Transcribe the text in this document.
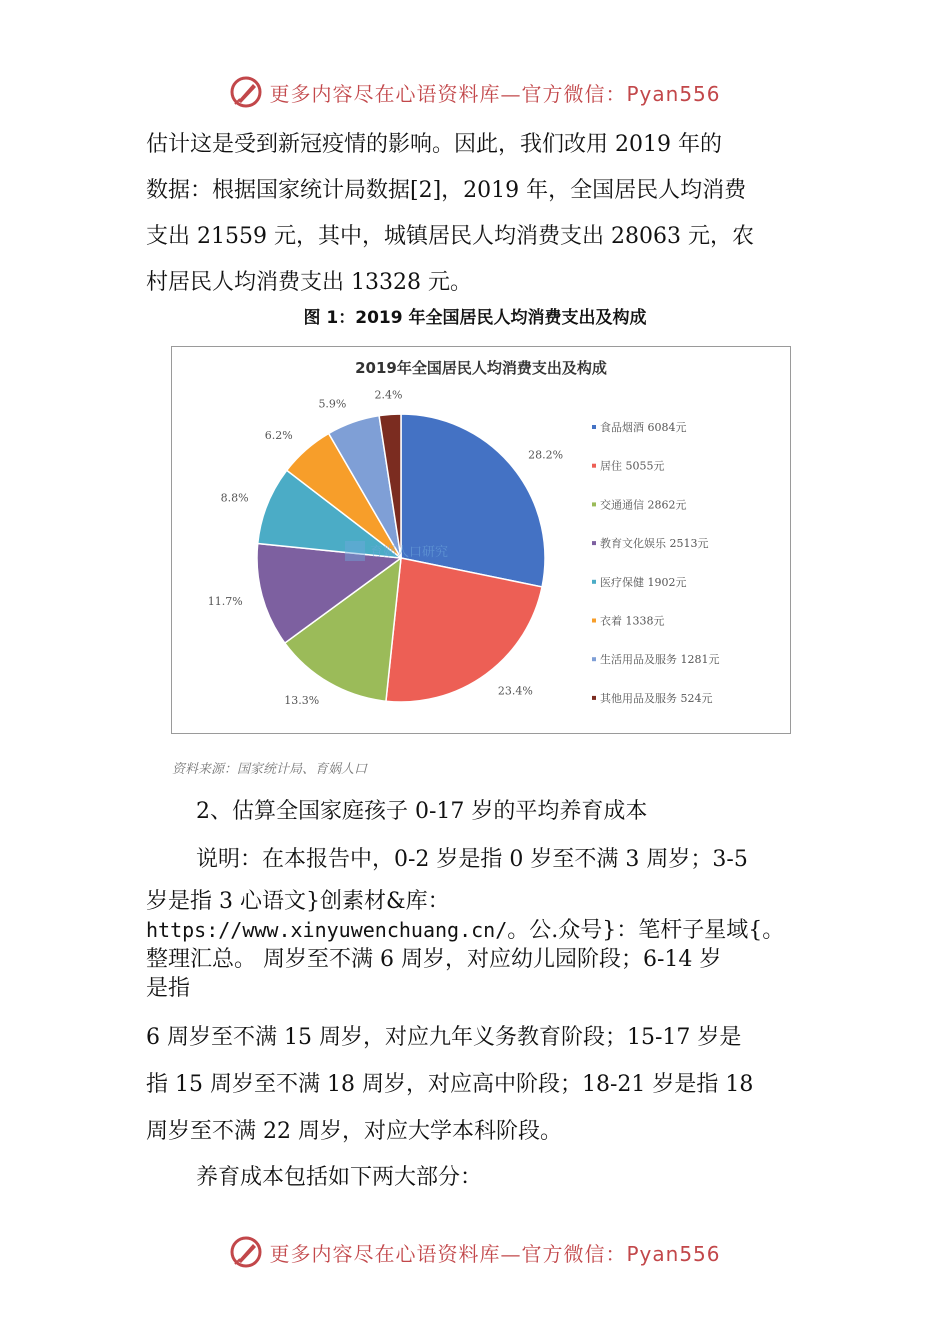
更多内容尽在心语资料库—官方微信：Pyan556
估计这是受到新冠疫情的影响。因此，我们改用 2019 年的
数据：根据国家统计局数据[2]，2019 年，全国居民人均消费
支出 21559 元，其中，城镇居民人均消费支出 28063 元，农
村居民人均消费支出 13328 元。
图 1：2019 年全国居民人均消费支出及构成
2019年全国居民人均消费支出及构成
28.2%
23.4%
13.3%
11.7%
8.8%
6.2%
5.9%
2.4%
食品烟酒 6084元
居住 5055元
交通通信 2862元
教育文化娱乐 2513元
医疗保健 1902元
衣着 1338元
生活用品及服务 1281元
其他用品及服务 524元
育娲人口研究
资料来源：国家统计局、育娲人口
2、估算全国家庭孩子 0-17 岁的平均养育成本
说明：在本报告中，0-2 岁是指 0 岁至不满 3 周岁；3-5
岁是指 3 心语文}创素材&库：
https://www.xinyuwenchuang.cn/。公.众号}：笔杆子星域{。
整理汇总。 周岁至不满 6 周岁，对应幼儿园阶段；6-14 岁
是指
6 周岁至不满 15 周岁，对应九年义务教育阶段；15-17 岁是
指 15 周岁至不满 18 周岁，对应高中阶段；18-21 岁是指 18
周岁至不满 22 周岁，对应大学本科阶段。
养育成本包括如下两大部分：
更多内容尽在心语资料库—官方微信：Pyan556
